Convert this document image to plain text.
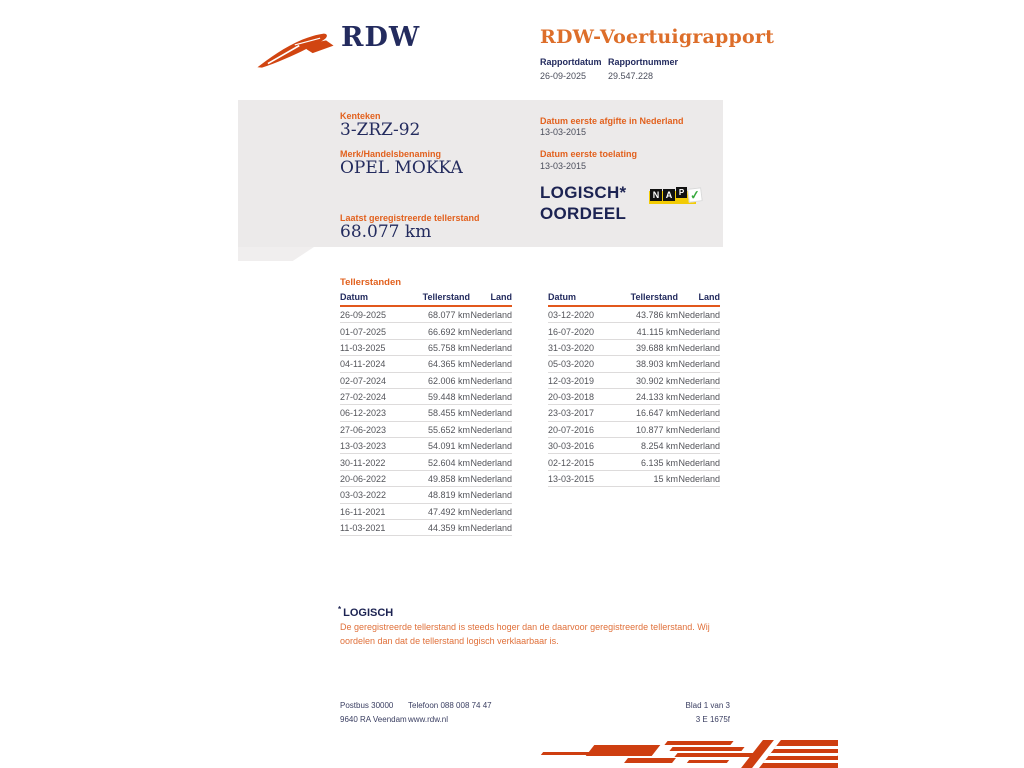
RDW	RDW-Voertuigrapport
Rapportdatum
26-09-2025
Rapportnummer
29.547.228
Kenteken
3-ZRZ-92
Merk/Handelsbenaming
OPEL MOKKA
Laatst geregistreerde tellerstand
68.077 km
Datum eerste afgifte in Nederland
13-03-2015
Datum eerste toelating
13-03-2015
LOGISCH*
OORDEEL
N A P ✓
Tellerstanden
Datum	Tellerstand	Land
26-09-2025	68.077 km Nederland
01-07-2025	66.692 km Nederland
11-03-2025	65.758 km Nederland
04-11-2024	64.365 km Nederland
02-07-2024	62.006 km Nederland
27-02-2024	59.448 km Nederland
06-12-2023	58.455 km Nederland
27-06-2023	55.652 km Nederland
13-03-2023	54.091 km Nederland
30-11-2022	52.604 km Nederland
20-06-2022	49.858 km Nederland
03-03-2022	48.819 km Nederland
16-11-2021	47.492 km Nederland
11-03-2021	44.359 km Nederland
Datum	Tellerstand	Land
03-12-2020	43.786 km Nederland
16-07-2020	41.115 km Nederland
31-03-2020	39.688 km Nederland
05-03-2020	38.903 km Nederland
12-03-2019	30.902 km Nederland
20-03-2018	24.133 km Nederland
23-03-2017	16.647 km Nederland
20-07-2016	10.877 km Nederland
30-03-2016	8.254 km Nederland
02-12-2015	6.135 km Nederland
13-03-2015	15 km Nederland
* LOGISCH
De geregistreerde tellerstand is steeds hoger dan de daarvoor geregistreerde tellerstand. Wij oordelen dan dat de tellerstand logisch verklaarbaar is.
Postbus 30000
9640 RA Veendam
Telefoon 088 008 74 47
www.rdw.nl
Blad 1 van 3
3 E 1675f
